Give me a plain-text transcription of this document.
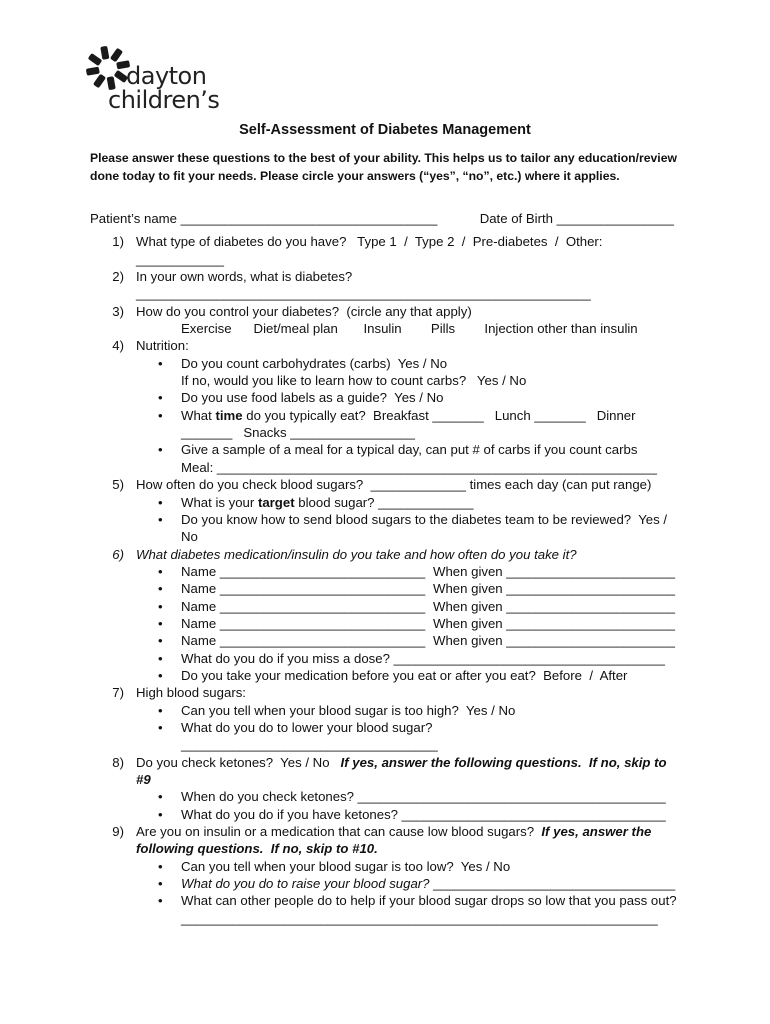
dayton
children’s
Self-Assessment of Diabetes Management
Please answer these questions to the best of your ability. This helps us to tailor any education/review done today to fit your needs. Please circle your answers (“yes”, “no”, etc.) where it applies.
Patient’s name ___________________________________	Date of Birth ________________
1) What type of diabetes do you have?   Type 1  /  Type 2  /  Pre-diabetes  /  Other:
____________
2) In your own words, what is diabetes?
______________________________________________________________
3) How do you control your diabetes?  (circle any that apply)
Exercise      Diet/meal plan       Insulin        Pills        Injection other than insulin
4) Nutrition:
•	Do you count carbohydrates (carbs)  Yes / No
If no, would you like to learn how to count carbs?   Yes / No
•	Do you use food labels as a guide?  Yes / No
•	What time do you typically eat?  Breakfast _______   Lunch _______   Dinner
_______   Snacks _________________
•	Give a sample of a meal for a typical day, can put # of carbs if you count carbs
Meal: ____________________________________________________________
5) How often do you check blood sugars?  _____________ times each day (can put range)
•	What is your target blood sugar? _____________
•	Do you know how to send blood sugars to the diabetes team to be reviewed?  Yes /
No
6) What diabetes medication/insulin do you take and how often do you take it?
•	Name ____________________________ When given _______________________
•	Name ____________________________ When given _______________________
•	Name ____________________________ When given _______________________
•	Name ____________________________ When given _______________________
•	Name ____________________________ When given _______________________
•	What do you do if you miss a dose? _____________________________________
•	Do you take your medication before you eat or after you eat?  Before  /  After
7) High blood sugars:
•	Can you tell when your blood sugar is too high?  Yes / No
•	What do you do to lower your blood sugar?
___________________________________
8) Do you check ketones?  Yes / No   If yes, answer the following questions.  If no, skip to
#9
•	When do you check ketones? __________________________________________
•	What do you do if you have ketones? ____________________________________
9) Are you on insulin or a medication that can cause low blood sugars?  If yes, answer the
following questions.  If no, skip to #10.
•	Can you tell when your blood sugar is too low?  Yes / No
•	What do you do to raise your blood sugar? _________________________________
•	What can other people do to help if your blood sugar drops so low that you pass out?
_________________________________________________________________
